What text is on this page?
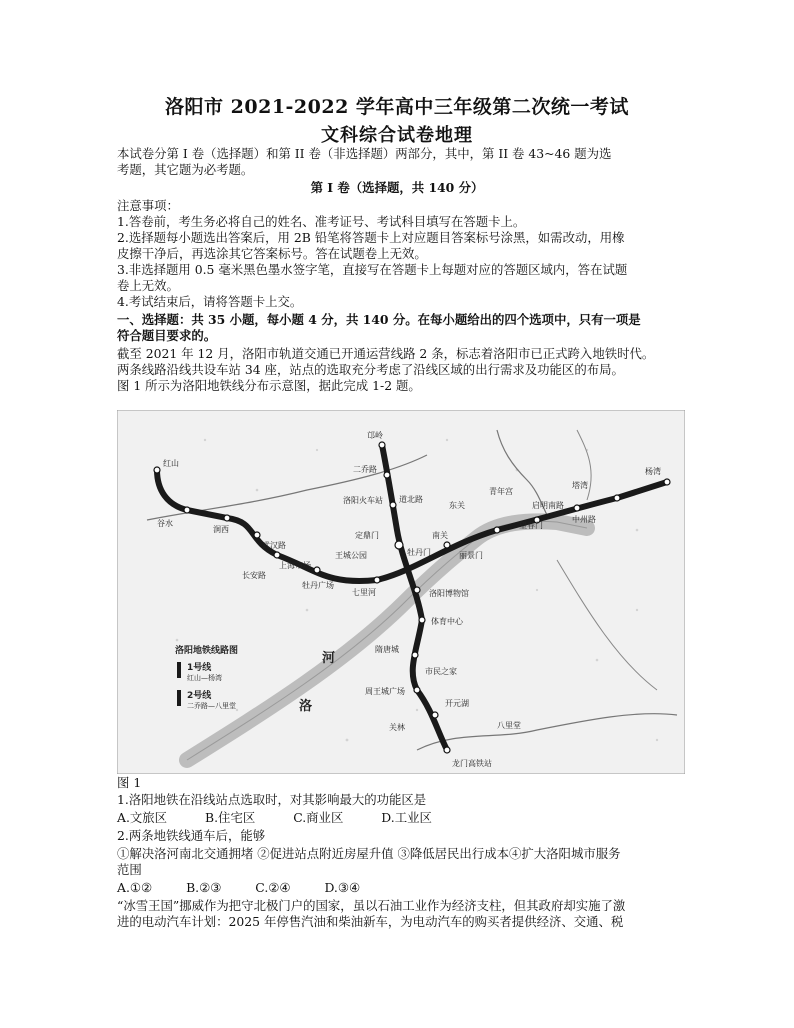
洛阳市 2021-2022 学年高中三年级第二次统一考试
文科综合试卷地理
本试卷分第 I 卷（选择题）和第 II 卷（非选择题）两部分，其中，第 II 卷 43~46 题为选
考题，其它题为必考题。
第 I 卷（选择题，共 140 分）
注意事项：
1.答卷前，考生务必将自己的姓名、准考证号、考试科目填写在答题卡上。
2.选择题每小题选出答案后，用 2B 铅笔将答题卡上对应题目答案标号涂黑，如需改动，用橡
皮擦干净后，再选涂其它答案标号。答在试题卷上无效。
3.非选择题用 0.5 毫米黑色墨水签字笔，直接写在答题卡上每题对应的答题区域内，答在试题
卷上无效。
4.考试结束后，请将答题卡上交。
一、选择题：共 35 小题，每小题 4 分，共 140 分。在每小题给出的四个选项中，只有一项是
符合题目要求的。
截至 2021 年 12 月，洛阳市轨道交通已开通运营线路 2 条，标志着洛阳市已正式跨入地铁时代。
两条线路沿线共设车站 34 座，站点的选取充分考虑了沿线区域的出行需求及功能区的布局。
图 1 所示为洛阳地铁线分布示意图，据此完成 1-2 题。
红山
谷水
涧西
武汉路
上海市场
长安路
牡丹广场
七里河
王城公园
洛阳火车站
邙岭
二乔路
道北路
南关
东关
青年宫
启明南路
塔湾
杨湾
丽景门
牡丹门
定鼎门
市民之家
洛阳博物馆
周王城广场
体育中心
隋唐城
开元湖
关林	八里堂
龙门高铁站
望春门
中州路
河
洛
洛阳地铁线路图
1号线
红山—杨湾
2号线
二乔路—八里堂
图 1
1.洛阳地铁在沿线站点选取时，对其影响最大的功能区是
A.文旅区	B.住宅区	C.商业区	D.工业区
2.两条地铁线通车后，能够
①解决洛河南北交通拥堵 ②促进站点附近房屋升值 ③降低居民出行成本④扩大洛阳城市服务
范围
A.①②	B.②③	C.②④	D.③④
“冰雪王国”挪威作为把守北极门户的国家，虽以石油工业作为经济支柱，但其政府却实施了激
进的电动汽车计划：2025 年停售汽油和柴油新车，为电动汽车的购买者提供经济、交通、税
